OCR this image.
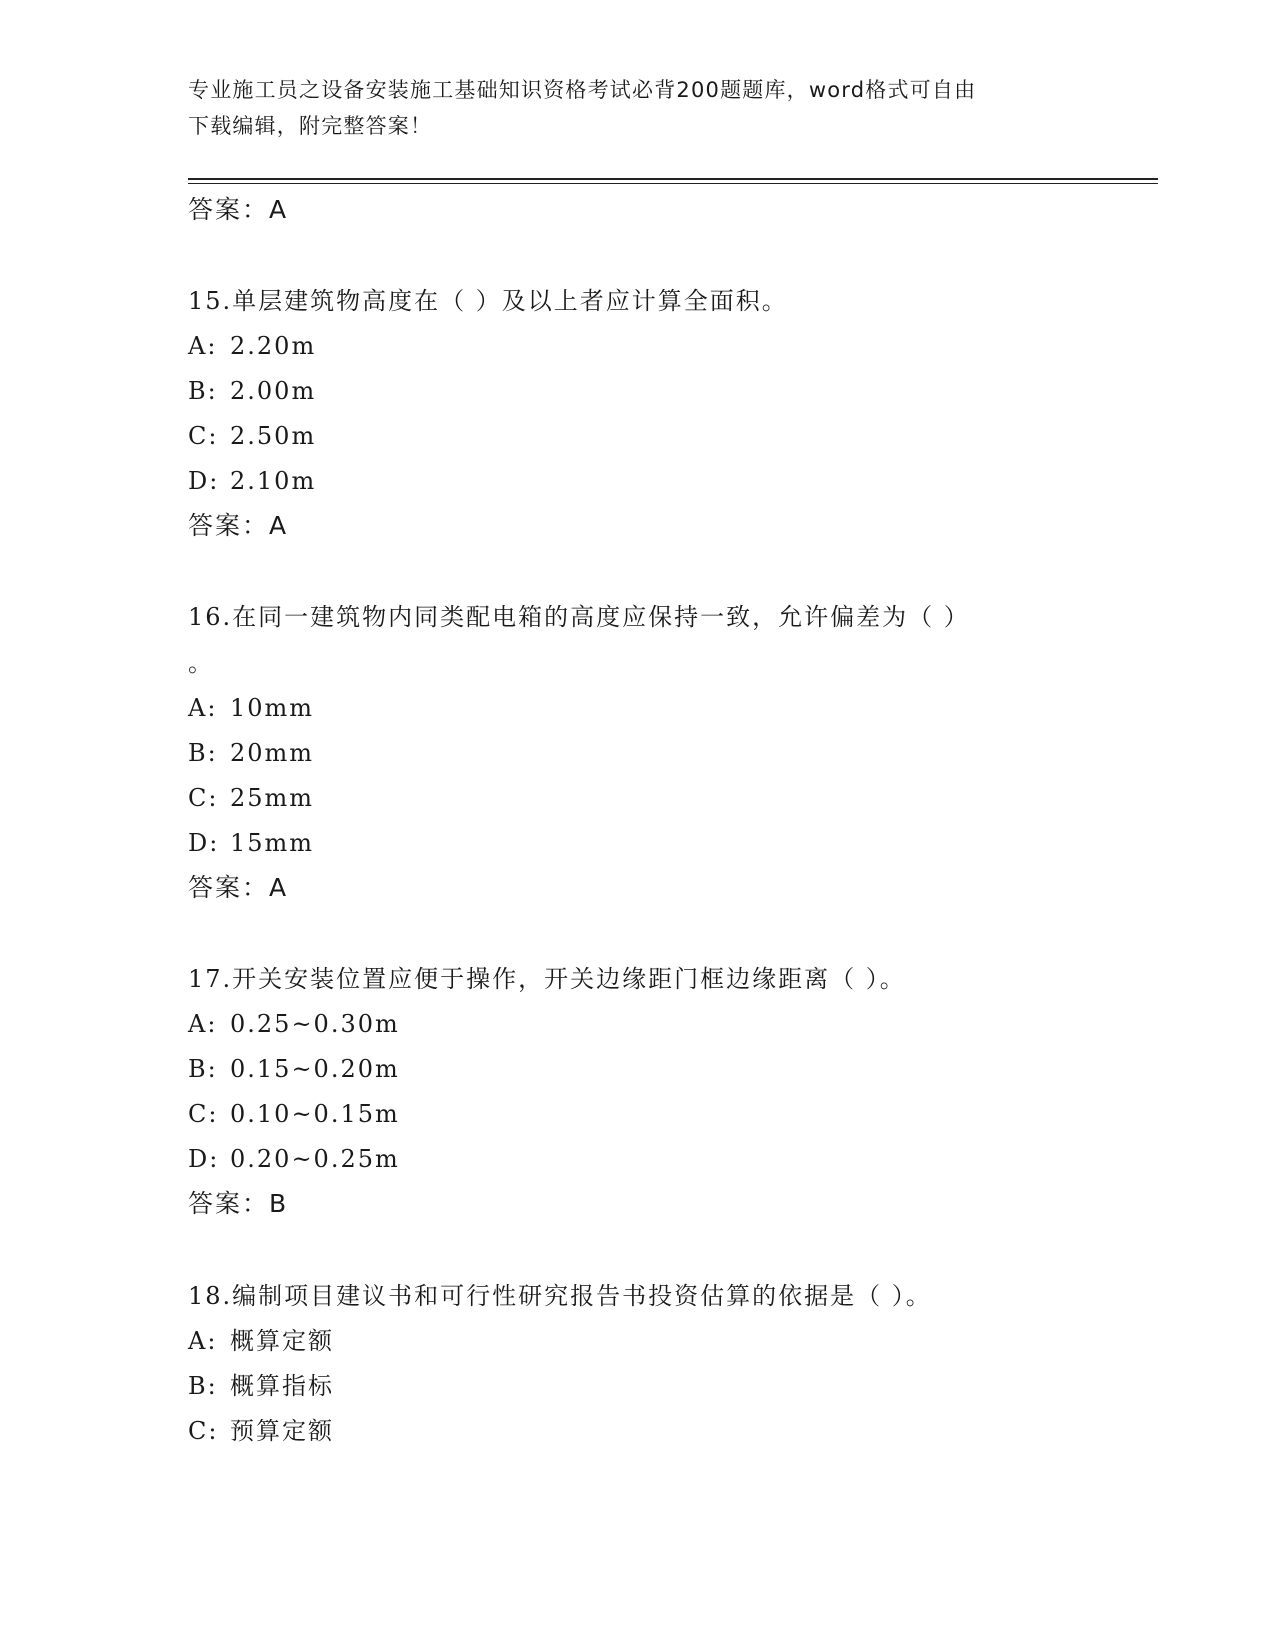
专业施工员之设备安装施工基础知识资格考试必背200题题库，word格式可自由
下载编辑，附完整答案！
答案：A
15.单层建筑物高度在（ ）及以上者应计算全面积。
A: 2.20m
B: 2.00m
C: 2.50m
D: 2.10m
答案：A
16.在同一建筑物内同类配电箱的高度应保持一致，允许偏差为（ ）
。
A: 10mm
B: 20mm
C: 25mm
D: 15mm
答案：A
17.开关安装位置应便于操作，开关边缘距门框边缘距离（ ）。
A: 0.25~0.30m
B: 0.15~0.20m
C: 0.10~0.15m
D: 0.20~0.25m
答案：B
18.编制项目建议书和可行性研究报告书投资估算的依据是（ ）。
A: 概算定额
B: 概算指标
C: 预算定额
